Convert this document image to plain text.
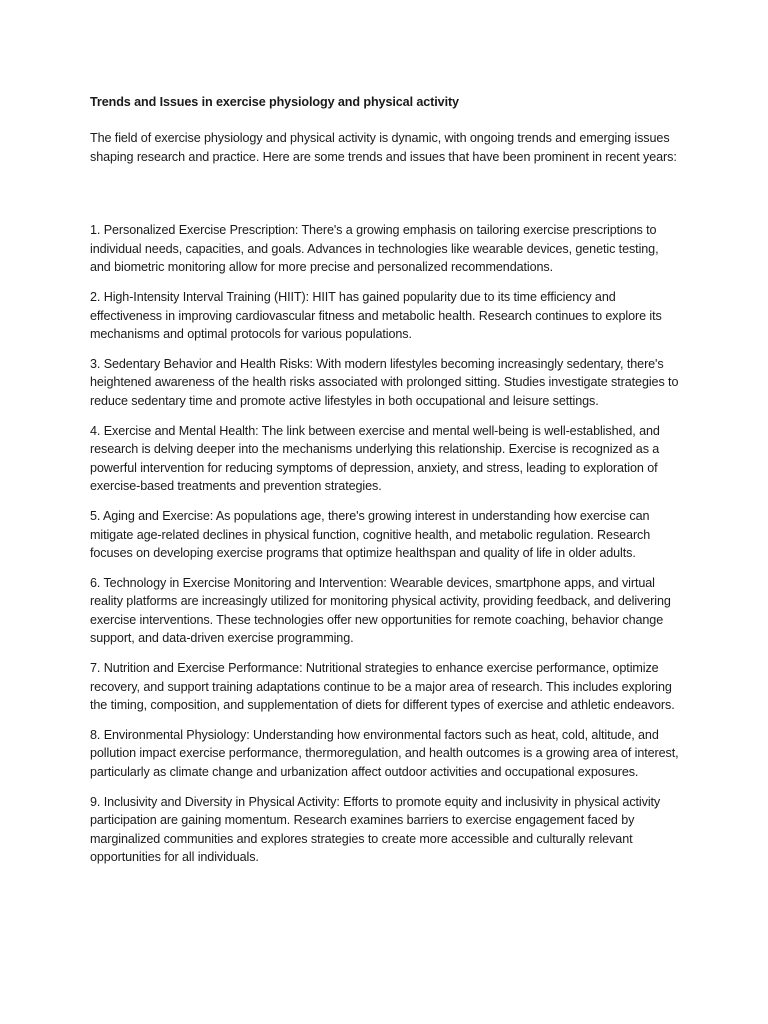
Trends and Issues in exercise physiology and physical activity

The field of exercise physiology and physical activity is dynamic, with ongoing trends and emerging issues shaping research and practice. Here are some trends and issues that have been prominent in recent years:

1. Personalized Exercise Prescription: There's a growing emphasis on tailoring exercise prescriptions to individual needs, capacities, and goals. Advances in technologies like wearable devices, genetic testing, and biometric monitoring allow for more precise and personalized recommendations.

2. High-Intensity Interval Training (HIIT): HIIT has gained popularity due to its time efficiency and effectiveness in improving cardiovascular fitness and metabolic health. Research continues to explore its mechanisms and optimal protocols for various populations.

3. Sedentary Behavior and Health Risks: With modern lifestyles becoming increasingly sedentary, there's heightened awareness of the health risks associated with prolonged sitting. Studies investigate strategies to reduce sedentary time and promote active lifestyles in both occupational and leisure settings.

4. Exercise and Mental Health: The link between exercise and mental well-being is well-established, and research is delving deeper into the mechanisms underlying this relationship. Exercise is recognized as a powerful intervention for reducing symptoms of depression, anxiety, and stress, leading to exploration of exercise-based treatments and prevention strategies.

5. Aging and Exercise: As populations age, there's growing interest in understanding how exercise can mitigate age-related declines in physical function, cognitive health, and metabolic regulation. Research focuses on developing exercise programs that optimize healthspan and quality of life in older adults.

6. Technology in Exercise Monitoring and Intervention: Wearable devices, smartphone apps, and virtual reality platforms are increasingly utilized for monitoring physical activity, providing feedback, and delivering exercise interventions. These technologies offer new opportunities for remote coaching, behavior change support, and data-driven exercise programming.

7. Nutrition and Exercise Performance: Nutritional strategies to enhance exercise performance, optimize recovery, and support training adaptations continue to be a major area of research. This includes exploring the timing, composition, and supplementation of diets for different types of exercise and athletic endeavors.

8. Environmental Physiology: Understanding how environmental factors such as heat, cold, altitude, and pollution impact exercise performance, thermoregulation, and health outcomes is a growing area of interest, particularly as climate change and urbanization affect outdoor activities and occupational exposures.

9. Inclusivity and Diversity in Physical Activity: Efforts to promote equity and inclusivity in physical activity participation are gaining momentum. Research examines barriers to exercise engagement faced by marginalized communities and explores strategies to create more accessible and culturally relevant opportunities for all individuals.
